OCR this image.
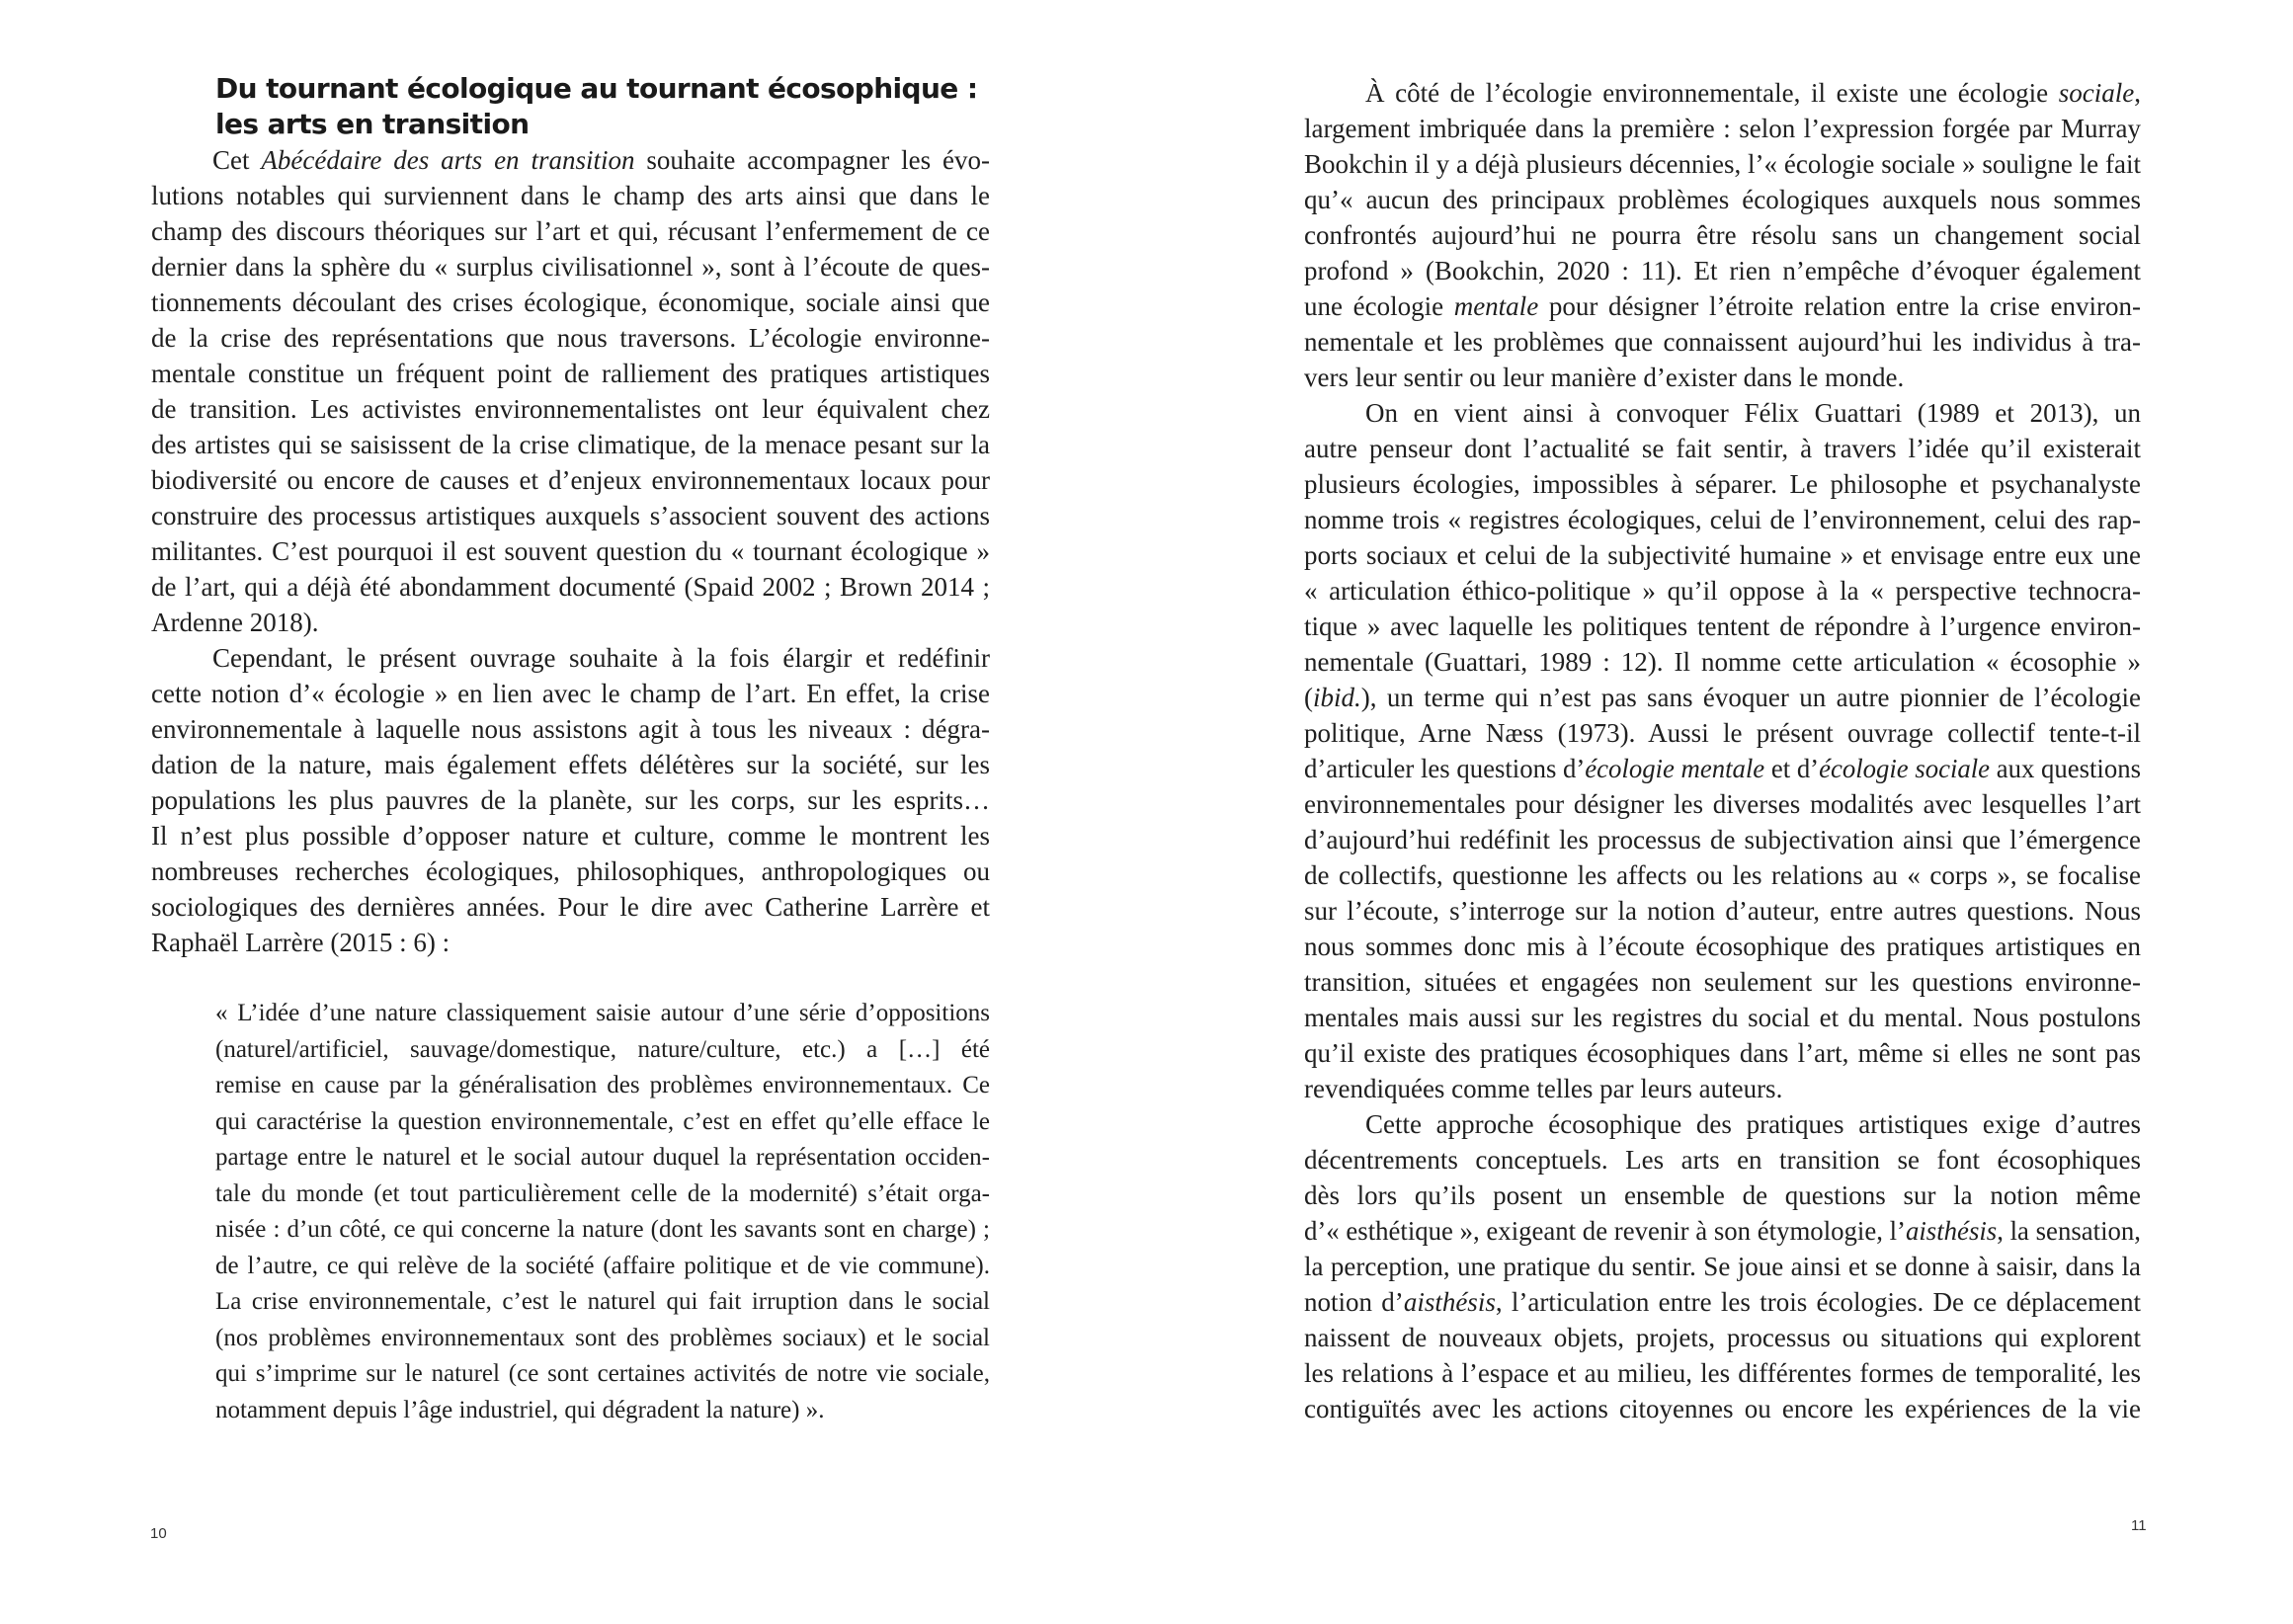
Du tournant écologique au tournant écosophique :
les arts en transition
Cet Abécédaire des arts en transition souhaite accompagner les évo-
lutions notables qui surviennent dans le champ des arts ainsi que dans le
champ des discours théoriques sur l’art et qui, récusant l’enfermement de ce
dernier dans la sphère du « surplus civilisationnel », sont à l’écoute de ques-
tionnements découlant des crises écologique, économique, sociale ainsi que
de la crise des représentations que nous traversons. L’écologie environne-
mentale constitue un fréquent point de ralliement des pratiques artistiques
de transition. Les activistes environnementalistes ont leur équivalent chez
des artistes qui se saisissent de la crise climatique, de la menace pesant sur la
biodiversité ou encore de causes et d’enjeux environnementaux locaux pour
construire des processus artistiques auxquels s’associent souvent des actions
militantes. C’est pourquoi il est souvent question du « tournant écologique »
de l’art, qui a déjà été abondamment documenté (Spaid 2002 ; Brown 2014 ;
Ardenne 2018).
Cependant, le présent ouvrage souhaite à la fois élargir et redéfinir
cette notion d’« écologie » en lien avec le champ de l’art. En effet, la crise
environnementale à laquelle nous assistons agit à tous les niveaux : dégra-
dation de la nature, mais également effets délétères sur la société, sur les
populations les plus pauvres de la planète, sur les corps, sur les esprits…
Il n’est plus possible d’opposer nature et culture, comme le montrent les
nombreuses recherches écologiques, philosophiques, anthropologiques ou
sociologiques des dernières années. Pour le dire avec Catherine Larrère et
Raphaël Larrère (2015 : 6) :
« L’idée d’une nature classiquement saisie autour d’une série d’oppositions
(naturel/artificiel, sauvage/domestique, nature/culture, etc.) a […] été
remise en cause par la généralisation des problèmes environnementaux. Ce
qui caractérise la question environnementale, c’est en effet qu’elle efface le
partage entre le naturel et le social autour duquel la représentation occiden-
tale du monde (et tout particulièrement celle de la modernité) s’était orga-
nisée : d’un côté, ce qui concerne la nature (dont les savants sont en charge) ;
de l’autre, ce qui relève de la société (affaire politique et de vie commune).
La crise environnementale, c’est le naturel qui fait irruption dans le social
(nos problèmes environnementaux sont des problèmes sociaux) et le social
qui s’imprime sur le naturel (ce sont certaines activités de notre vie sociale,
notamment depuis l’âge industriel, qui dégradent la nature) ».
10
À côté de l’écologie environnementale, il existe une écologie sociale,
largement imbriquée dans la première : selon l’expression forgée par Murray
Bookchin il y a déjà plusieurs décennies, l’« écologie sociale » souligne le fait
qu’« aucun des principaux problèmes écologiques auxquels nous sommes
confrontés aujourd’hui ne pourra être résolu sans un changement social
profond » (Bookchin, 2020 : 11). Et rien n’empêche d’évoquer également
une écologie mentale pour désigner l’étroite relation entre la crise environ-
nementale et les problèmes que connaissent aujourd’hui les individus à tra-
vers leur sentir ou leur manière d’exister dans le monde.
On en vient ainsi à convoquer Félix Guattari (1989 et 2013), un
autre penseur dont l’actualité se fait sentir, à travers l’idée qu’il existerait
plusieurs écologies, impossibles à séparer. Le philosophe et psychanalyste
nomme trois « registres écologiques, celui de l’environnement, celui des rap-
ports sociaux et celui de la subjectivité humaine » et envisage entre eux une
« articulation éthico-politique » qu’il oppose à la « perspective technocra-
tique » avec laquelle les politiques tentent de répondre à l’urgence environ-
nementale (Guattari, 1989 : 12). Il nomme cette articulation « écosophie »
(ibid.), un terme qui n’est pas sans évoquer un autre pionnier de l’écologie
politique, Arne Næss (1973). Aussi le présent ouvrage collectif tente-t-il
d’articuler les questions d’écologie mentale et d’écologie sociale aux questions
environnementales pour désigner les diverses modalités avec lesquelles l’art
d’aujourd’hui redéfinit les processus de subjectivation ainsi que l’émergence
de collectifs, questionne les affects ou les relations au « corps », se focalise
sur l’écoute, s’interroge sur la notion d’auteur, entre autres questions. Nous
nous sommes donc mis à l’écoute écosophique des pratiques artistiques en
transition, situées et engagées non seulement sur les questions environne-
mentales mais aussi sur les registres du social et du mental. Nous postulons
qu’il existe des pratiques écosophiques dans l’art, même si elles ne sont pas
revendiquées comme telles par leurs auteurs.
Cette approche écosophique des pratiques artistiques exige d’autres
décentrements conceptuels. Les arts en transition se font écosophiques
dès lors qu’ils posent un ensemble de questions sur la notion même
d’« esthétique », exigeant de revenir à son étymologie, l’aisthésis, la sensation,
la perception, une pratique du sentir. Se joue ainsi et se donne à saisir, dans la
notion d’aisthésis, l’articulation entre les trois écologies. De ce déplacement
naissent de nouveaux objets, projets, processus ou situations qui explorent
les relations à l’espace et au milieu, les différentes formes de temporalité, les
contiguïtés avec les actions citoyennes ou encore les expériences de la vie
11
